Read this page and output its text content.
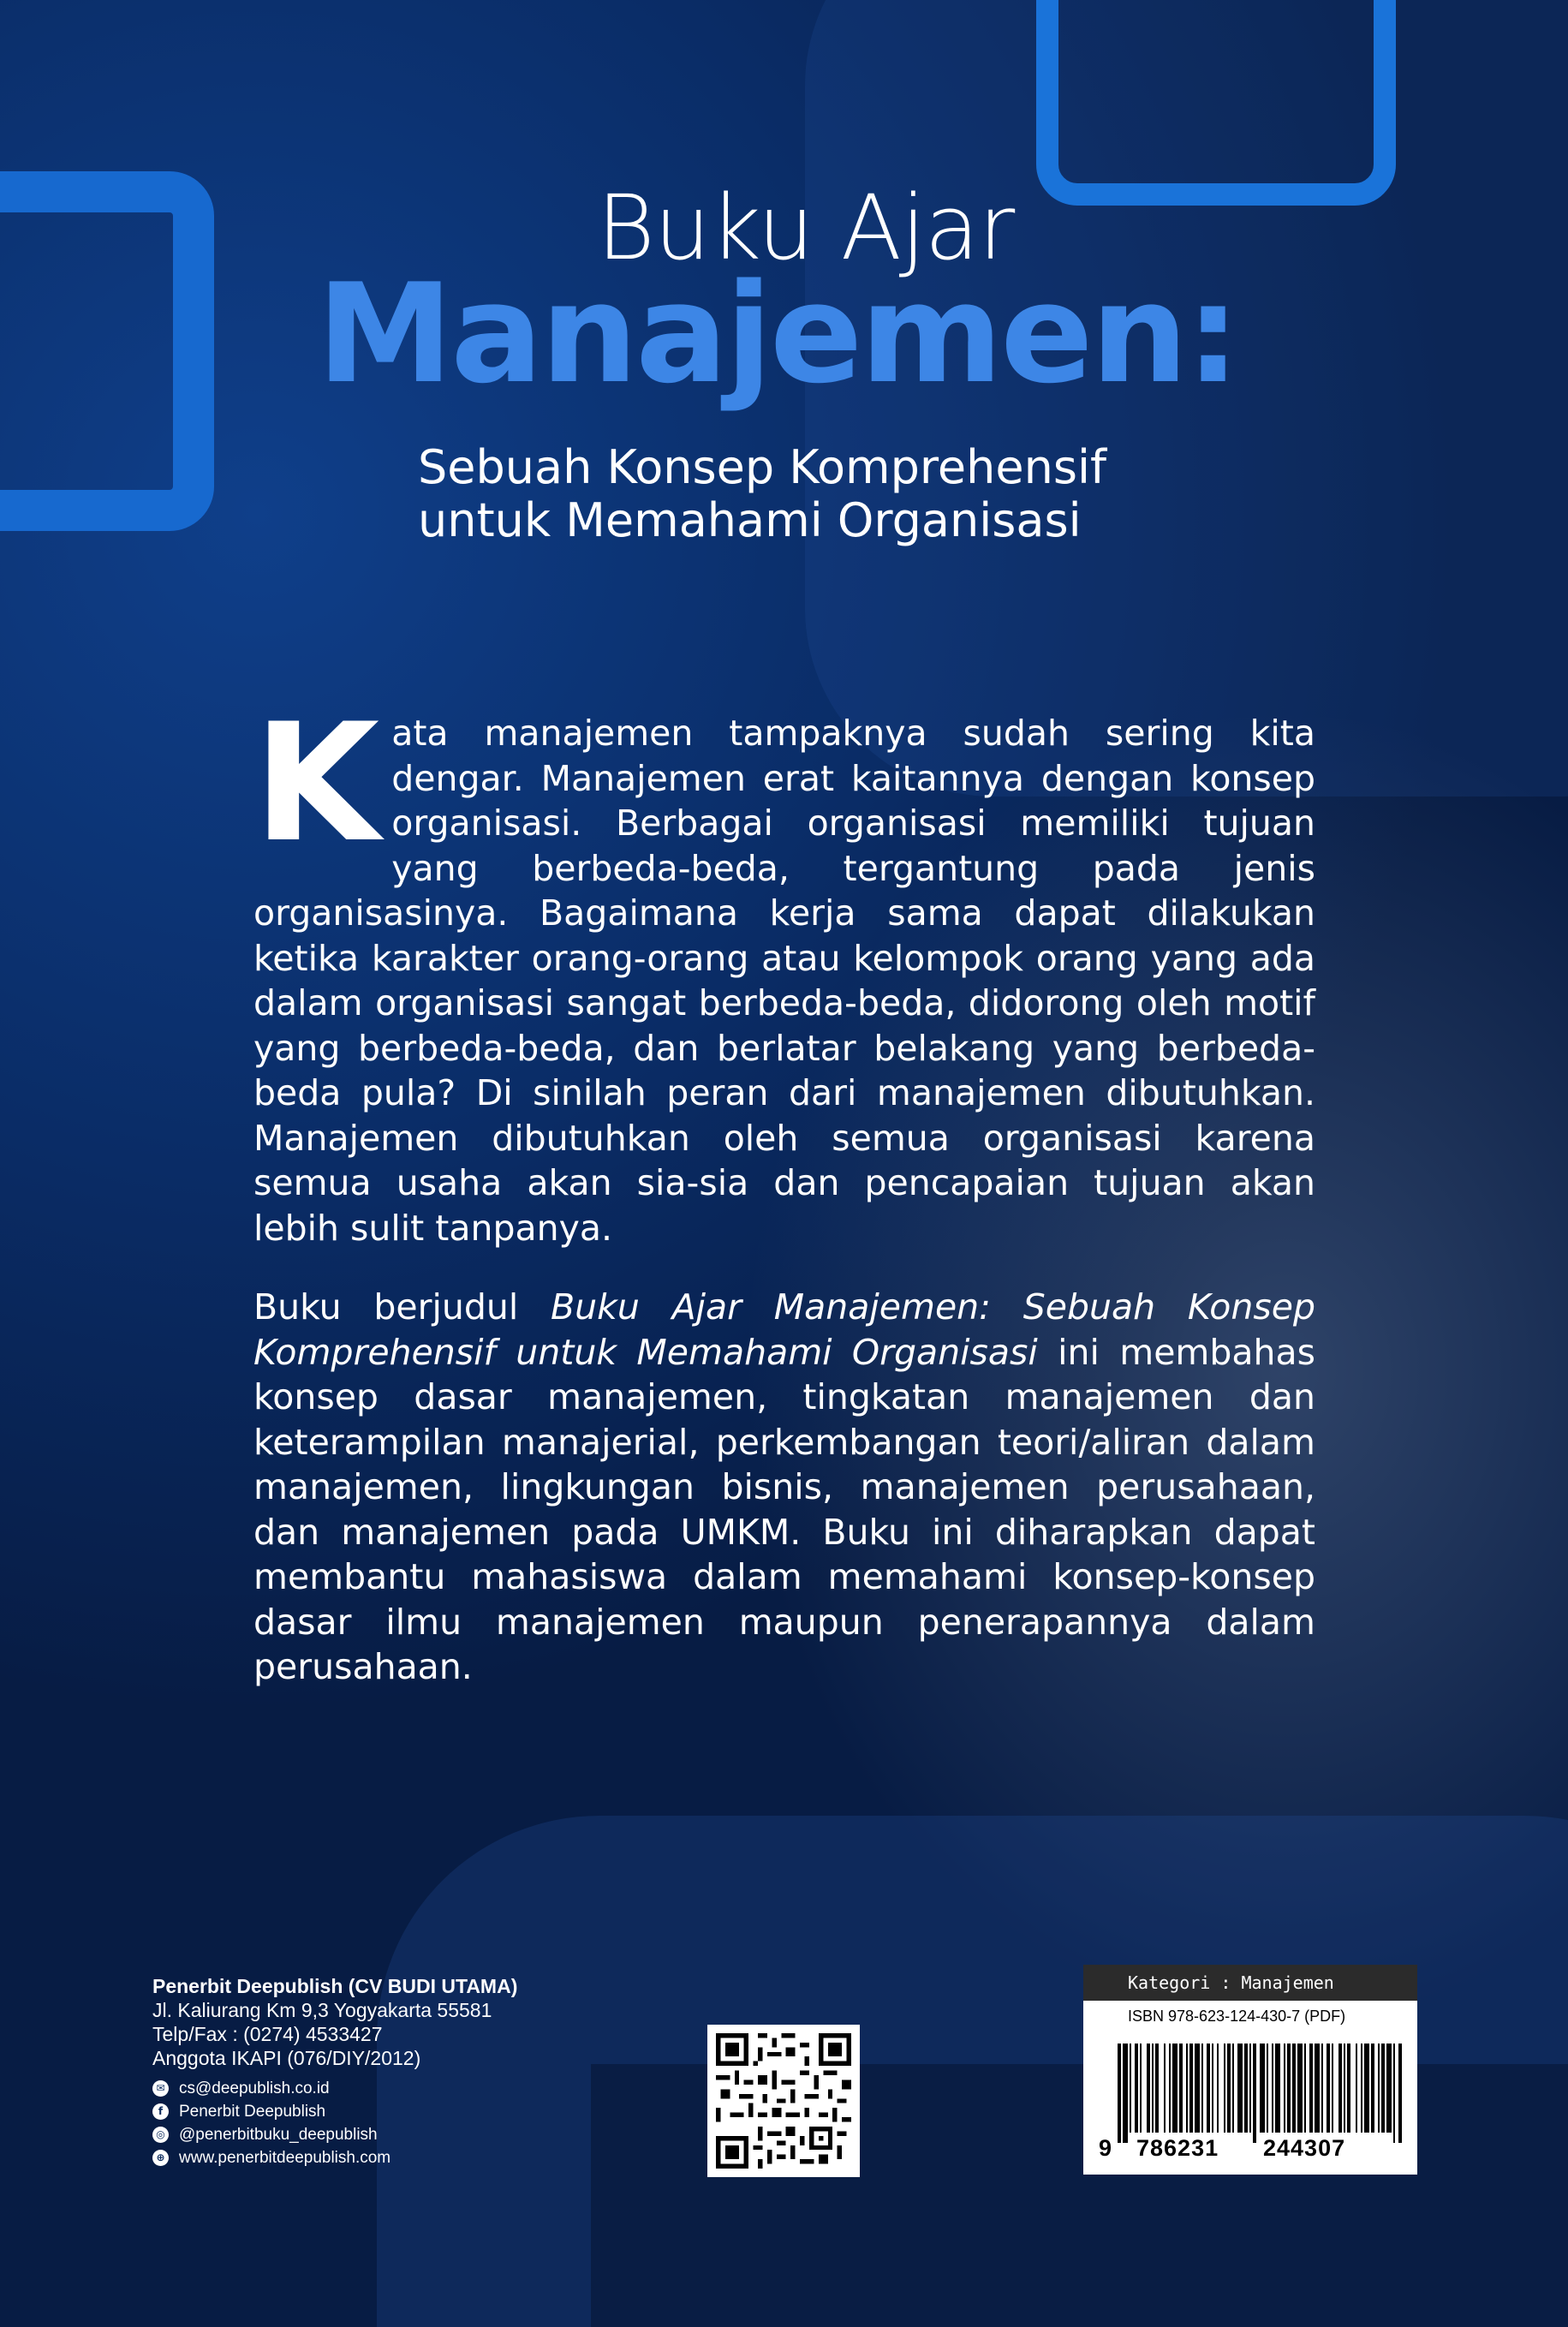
Buku Ajar
Manajemen:
Sebuah Konsep Komprehensif
untuk Memahami Organisasi

Kata manajemen tampaknya sudah sering kita dengar. Manajemen erat kaitannya dengan konsep organisasi. Berbagai organisasi memiliki tujuan yang berbeda-beda, tergantung pada jenis organisasinya. Bagaimana kerja sama dapat dilakukan ketika karakter orang-orang atau kelompok orang yang ada dalam organisasi sangat berbeda-beda, didorong oleh motif yang berbeda-beda, dan berlatar belakang yang berbeda-beda pula? Di sinilah peran dari manajemen dibutuhkan. Manajemen dibutuhkan oleh semua organisasi karena semua usaha akan sia-sia dan pencapaian tujuan akan lebih sulit tanpanya.

Buku berjudul Buku Ajar Manajemen: Sebuah Konsep Komprehensif untuk Memahami Organisasi ini membahas konsep dasar manajemen, tingkatan manajemen dan keterampilan manajerial, perkembangan teori/aliran dalam manajemen, lingkungan bisnis, manajemen perusahaan, dan manajemen pada UMKM. Buku ini diharapkan dapat membantu mahasiswa dalam memahami konsep-konsep dasar ilmu manajemen maupun penerapannya dalam perusahaan.

Penerbit Deepublish (CV BUDI UTAMA)
Jl. Kaliurang Km 9,3 Yogyakarta 55581
Telp/Fax : (0274) 4533427
Anggota IKAPI (076/DIY/2012)
✉ cs@deepublish.co.id
f Penerbit Deepublish
◎ @penerbitbuku_deepublish
⊕ www.penerbitdeepublish.com
Kategori : Manajemen
ISBN 978-623-124-430-7 (PDF)
9 786231 244307
